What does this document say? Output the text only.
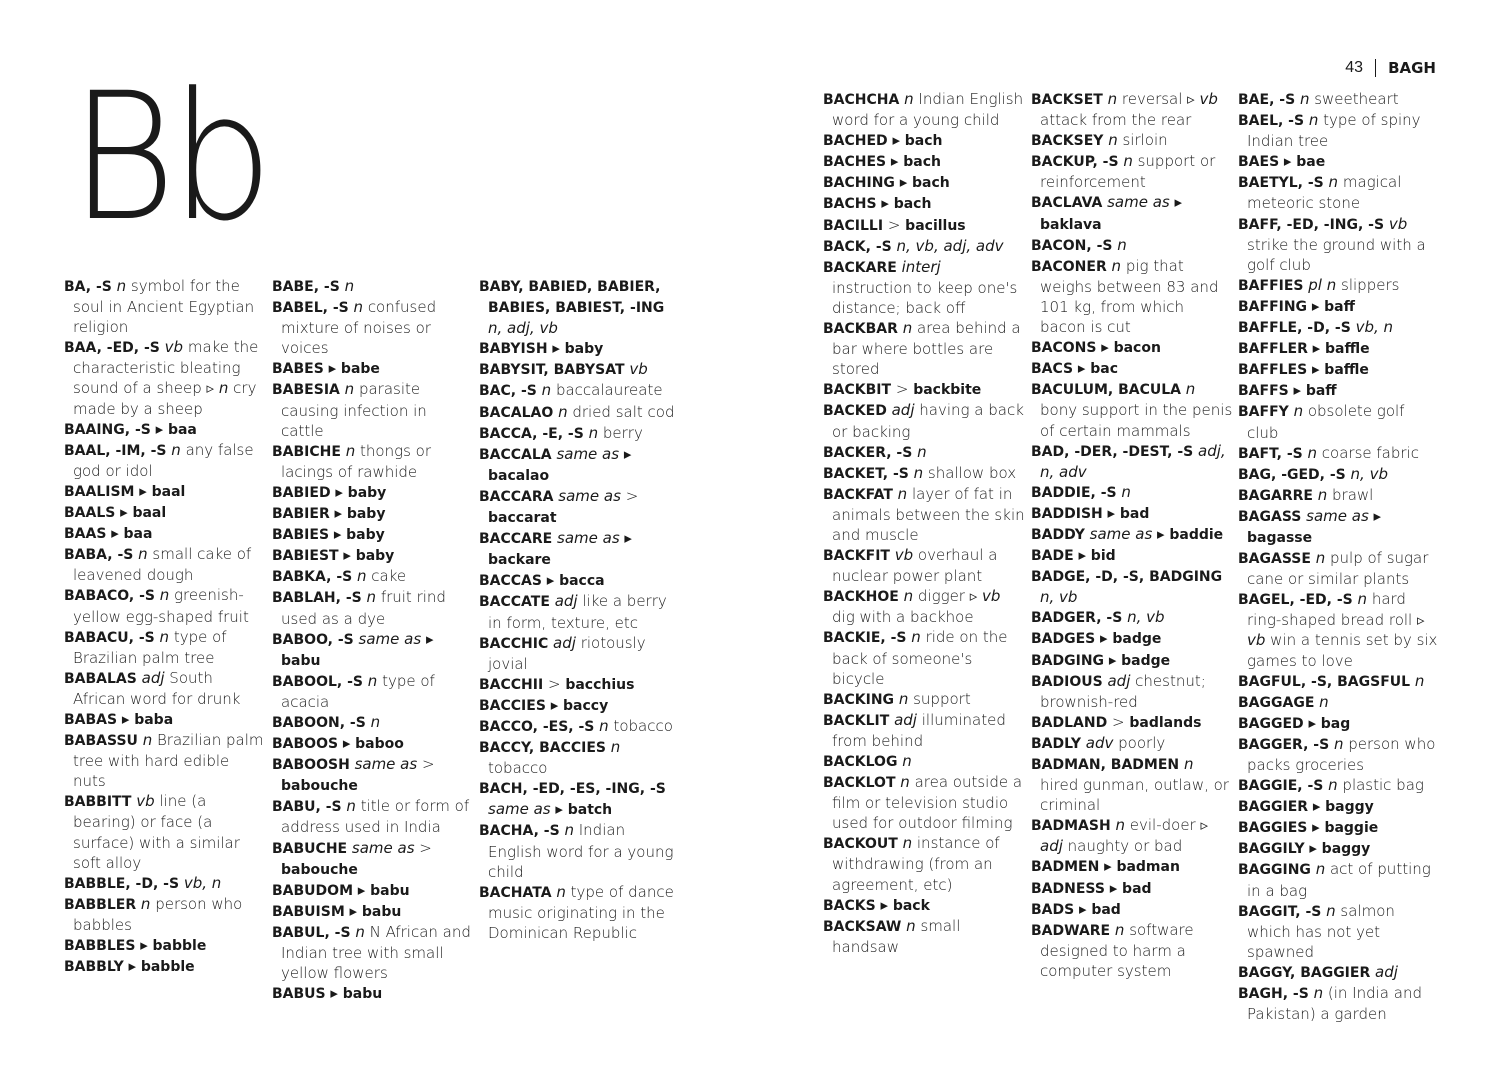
Bb	43 BAGH
BA, -S n symbol for the soul in Ancient Egyptian religion
BAA, -ED, -S vb make the characteristic bleating sound of a sheep ▹ n cry made by a sheep
BAAING, -S ▸ baa
BAAL, -IM, -S n any false god or idol
BAALISM ▸ baal
BAALS ▸ baal
BAAS ▸ baa
BABA, -S n small cake of leavened dough
BABACO, -S n greenish-yellow egg-shaped fruit
BABACU, -S n type of Brazilian palm tree
BABALAS adj South African word for drunk
BABAS ▸ baba
BABASSU n Brazilian palm tree with hard edible nuts
BABBITT vb line (a bearing) or face (a surface) with a similar soft alloy
BABBLE, -D, -S vb, n
BABBLER n person who babbles
BABBLES ▸ babble
BABBLY ▸ babble
BABE, -S n
BABEL, -S n confused mixture of noises or voices
BABES ▸ babe
BABESIA n parasite causing infection in cattle
BABICHE n thongs or lacings of rawhide
BABIED ▸ baby
BABIER ▸ baby
BABIES ▸ baby
BABIEST ▸ baby
BABKA, -S n cake
BABLAH, -S n fruit rind used as a dye
BABOO, -S same as ▸ babu
BABOOL, -S n type of acacia
BABOON, -S n
BABOOS ▸ baboo
BABOOSH same as > babouche
BABU, -S n title or form of address used in India
BABUCHE same as > babouche
BABUDOM ▸ babu
BABUISM ▸ babu
BABUL, -S n N African and Indian tree with small yellow flowers
BABUS ▸ babu
BABY, BABIED, BABIER, BABIES, BABIEST, -ING n, adj, vb
BABYISH ▸ baby
BABYSIT, BABYSAT vb
BAC, -S n baccalaureate
BACALAO n dried salt cod
BACCA, -E, -S n berry
BACCALA same as ▸ bacalao
BACCARA same as > baccarat
BACCARE same as ▸ backare
BACCAS ▸ bacca
BACCATE adj like a berry in form, texture, etc
BACCHIC adj riotously jovial
BACCHII > bacchius
BACCIES ▸ baccy
BACCO, -ES, -S n tobacco
BACCY, BACCIES n tobacco
BACH, -ED, -ES, -ING, -S same as ▸ batch
BACHA, -S n Indian English word for a young child
BACHATA n type of dance music originating in the Dominican Republic
BACHCHA n Indian English word for a young child
BACHED ▸ bach
BACHES ▸ bach
BACHING ▸ bach
BACHS ▸ bach
BACILLI > bacillus
BACK, -S n, vb, adj, adv
BACKARE interj instruction to keep one's distance; back off
BACKBAR n area behind a bar where bottles are stored
BACKBIT > backbite
BACKED adj having a back or backing
BACKER, -S n
BACKET, -S n shallow box
BACKFAT n layer of fat in animals between the skin and muscle
BACKFIT vb overhaul a nuclear power plant
BACKHOE n digger ▹ vb dig with a backhoe
BACKIE, -S n ride on the back of someone's bicycle
BACKING n support
BACKLIT adj illuminated from behind
BACKLOG n
BACKLOT n area outside a film or television studio used for outdoor filming
BACKOUT n instance of withdrawing (from an agreement, etc)
BACKS ▸ back
BACKSAW n small handsaw
BACKSET n reversal ▹ vb attack from the rear
BACKSEY n sirloin
BACKUP, -S n support or reinforcement
BACLAVA same as ▸ baklava
BACON, -S n
BACONER n pig that weighs between 83 and 101 kg, from which bacon is cut
BACONS ▸ bacon
BACS ▸ bac
BACULUM, BACULA n bony support in the penis of certain mammals
BAD, -DER, -DEST, -S adj, n, adv
BADDIE, -S n
BADDISH ▸ bad
BADDY same as ▸ baddie
BADE ▸ bid
BADGE, -D, -S, BADGING n, vb
BADGER, -S n, vb
BADGES ▸ badge
BADGING ▸ badge
BADIOUS adj chestnut; brownish-red
BADLAND > badlands
BADLY adv poorly
BADMAN, BADMEN n hired gunman, outlaw, or criminal
BADMASH n evil-doer ▹ adj naughty or bad
BADMEN ▸ badman
BADNESS ▸ bad
BADS ▸ bad
BADWARE n software designed to harm a computer system
BAE, -S n sweetheart
BAEL, -S n type of spiny Indian tree
BAES ▸ bae
BAETYL, -S n magical meteoric stone
BAFF, -ED, -ING, -S vb strike the ground with a golf club
BAFFIES pl n slippers
BAFFING ▸ baff
BAFFLE, -D, -S vb, n
BAFFLER ▸ baffle
BAFFLES ▸ baffle
BAFFS ▸ baff
BAFFY n obsolete golf club
BAFT, -S n coarse fabric
BAG, -GED, -S n, vb
BAGARRE n brawl
BAGASS same as ▸ bagasse
BAGASSE n pulp of sugar cane or similar plants
BAGEL, -ED, -S n hard ring-shaped bread roll ▹ vb win a tennis set by six games to love
BAGFUL, -S, BAGSFUL n
BAGGAGE n
BAGGED ▸ bag
BAGGER, -S n person who packs groceries
BAGGIE, -S n plastic bag
BAGGIER ▸ baggy
BAGGIES ▸ baggie
BAGGILY ▸ baggy
BAGGING n act of putting in a bag
BAGGIT, -S n salmon which has not yet spawned
BAGGY, BAGGIER adj
BAGH, -S n (in India and Pakistan) a garden
